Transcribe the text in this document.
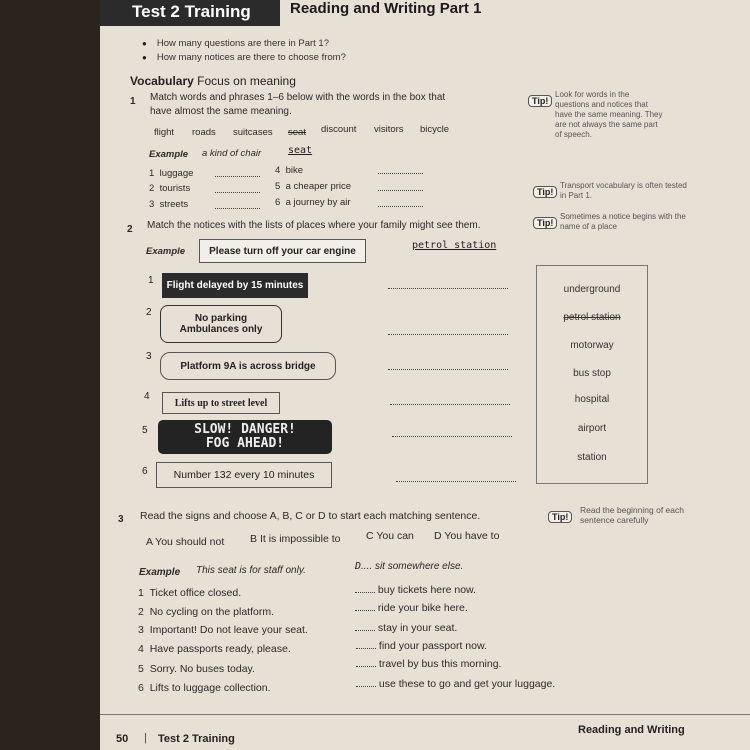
Test 2 Training	Reading and Writing Part 1
● How many questions are there in Part 1?
● How many notices are there to choose from?
Vocabulary Focus on meaning
1 Match words and phrases 1–6 below with the words in the box that
have almost the same meaning.
flight roads suitcases seat discount visitors bicycle
Example a kind of chair	seat
1 luggage
2 tourists
3 streets
4 bike
5 a cheaper price
6 a journey by air
Tip!
Look for words in the questions and notices that have the same meaning. They are not always the same part of speech.
Tip!
Transport vocabulary is often tested in Part 1.
Tip!
Sometimes a notice begins with the name of a place
2 Match the notices with the lists of places where your family might see them.
Example	Please turn off your car engine	petrol station
1	Flight delayed by 15 minutes
2
No parking
Ambulances only
3
Platform 9A is across bridge
4
Lifts up to street level
5	SLOW! DANGER!
FOG AHEAD!
6	Number 132 every 10 minutes
underground
petrol station
motorway
bus stop
hospital
airport
station
3 Read the signs and choose A, B, C or D to start each matching sentence.	Tip!
Read the beginning of each sentence carefully
A You should not B It is impossible to C You can D You have to
Example This seat is for staff only.	D.... sit somewhere else.
1 Ticket office closed.
2 No cycling on the platform.
3 Important! Do not leave your seat.
4 Have passports ready, please.
5 Sorry. No buses today.
6 Lifts to luggage collection.
buy tickets here now.
ride your bike here.
stay in your seat.
find your passport now.
travel by bus this morning.
use these to go and get your luggage.
50 | Test 2 Training
Reading and Writing
